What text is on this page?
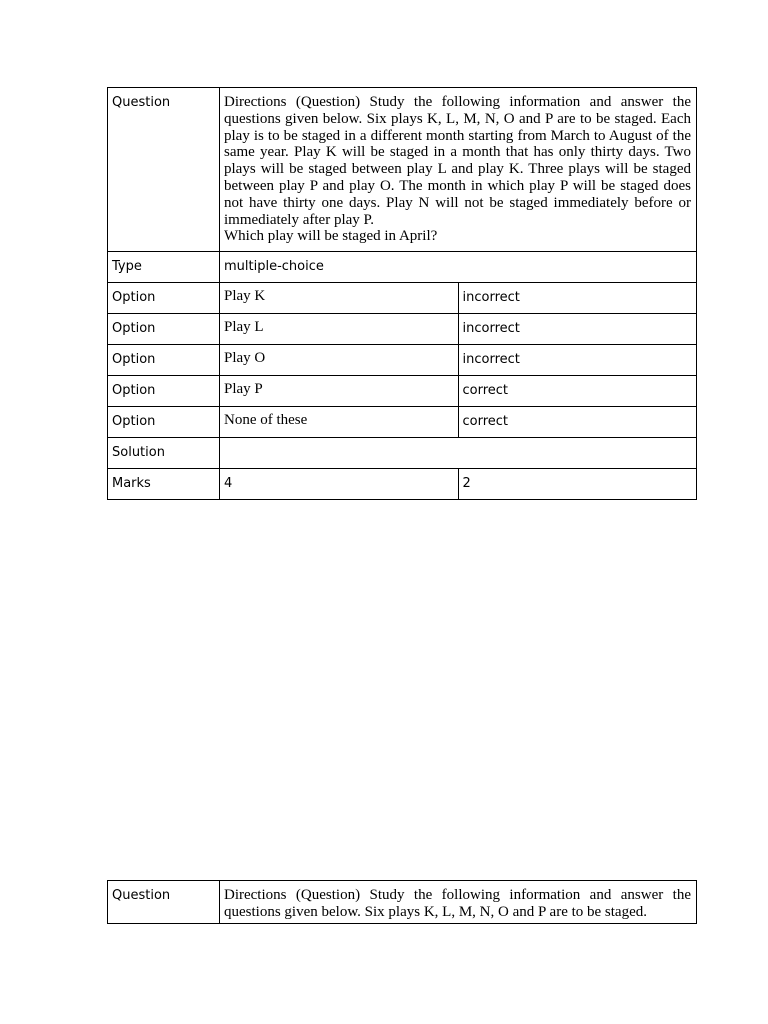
Question	Directions (Question) Study the following information and answer the questions given below. Six plays K, L, M, N, O and P are to be staged. Each play is to be staged in a different month starting from March to August of the same year. Play K will be staged in a month that has only thirty days. Two plays will be staged between play L and play K. Three plays will be staged between play P and play O. The month in which play P will be staged does not have thirty one days. Play N will not be staged immediately before or immediately after play P.
Which play will be staged in April?	
Type	multiple-choice	
Option	Play K	incorrect
Option	Play L	incorrect
Option	Play O	incorrect
Option	Play P	correct
Option	None of these	correct
Solution		
Marks	4	2
Question	Directions (Question) Study the following information and answer the questions given below. Six plays K, L, M, N, O and P are to be staged.
